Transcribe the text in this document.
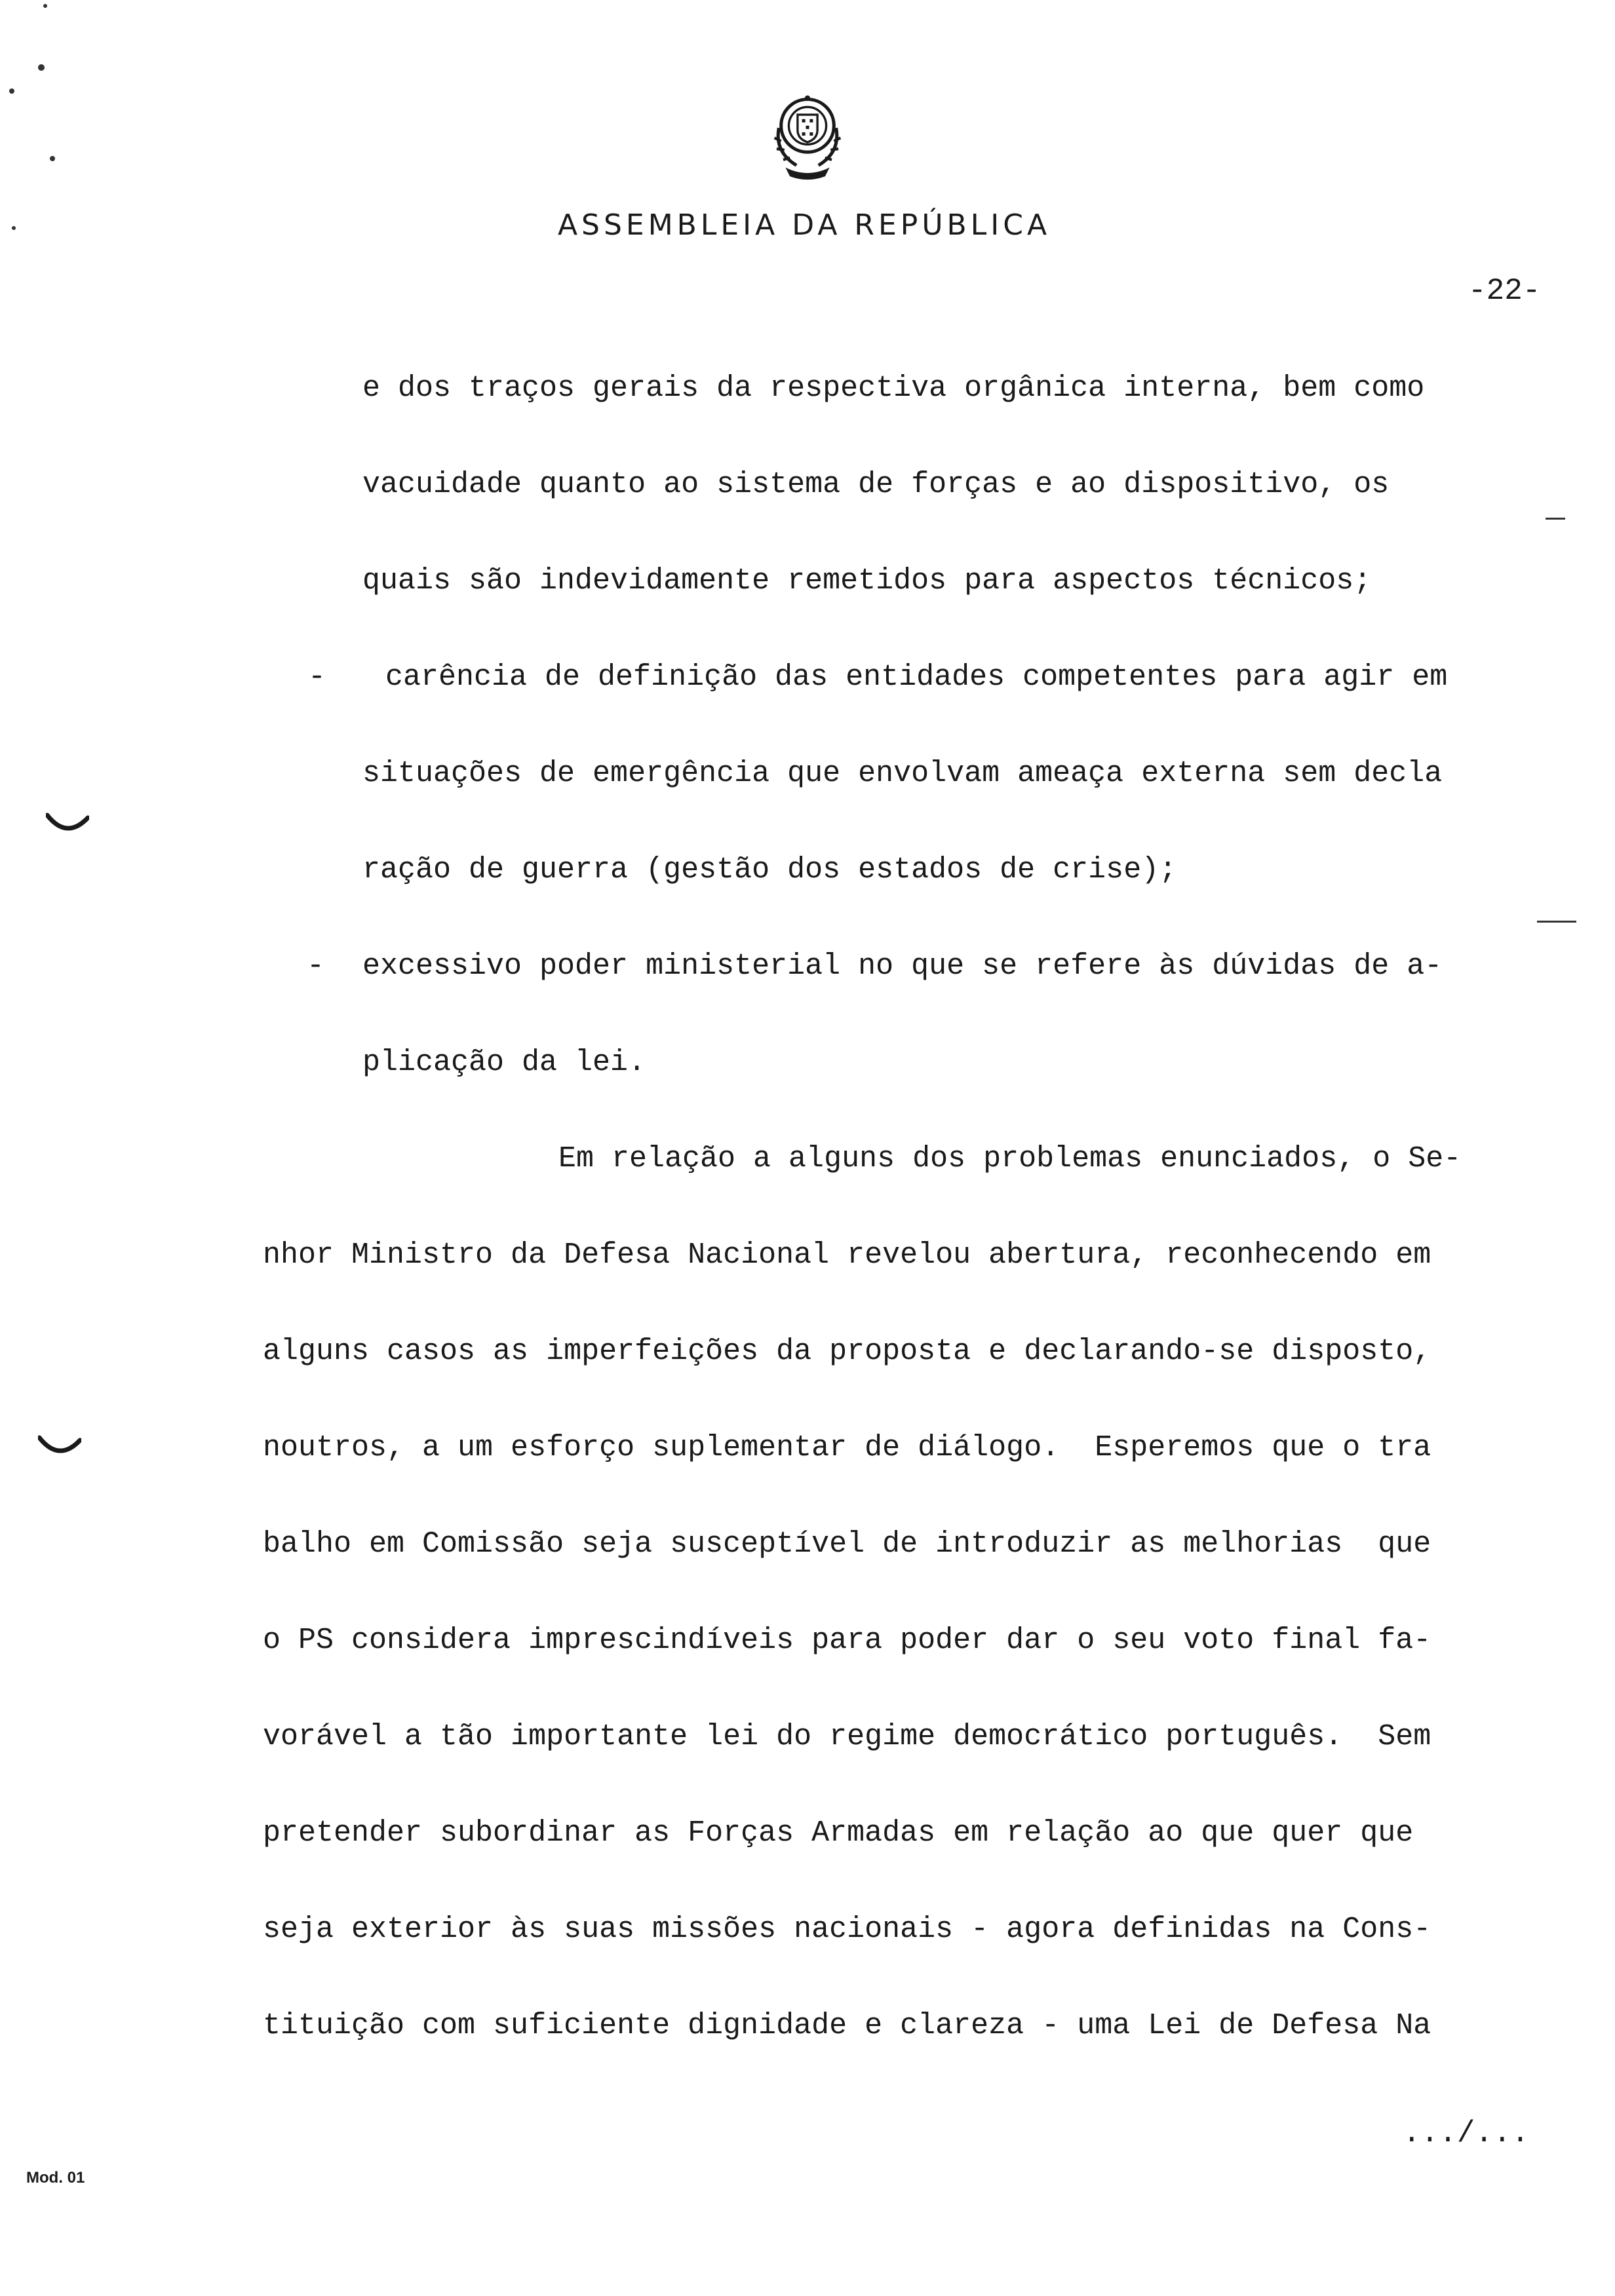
ASSEMBLEIA DA REPÚBLICA
-22-
e dos traços gerais da respectiva orgânica interna, bem como
vacuidade quanto ao sistema de forças e ao dispositivo, os
quais são indevidamente remetidos para aspectos técnicos;
- carência de definição das entidades competentes para agir em
situações de emergência que envolvam ameaça externa sem decla
ração de guerra (gestão dos estados de crise);
- excessivo poder ministerial no que se refere às dúvidas de a-
plicação da lei.
Em relação a alguns dos problemas enunciados, o Se-
nhor Ministro da Defesa Nacional revelou abertura, reconhecendo em
alguns casos as imperfeições da proposta e declarando-se disposto,
noutros, a um esforço suplementar de diálogo.  Esperemos que o tra
balho em Comissão seja susceptível de introduzir as melhorias  que
o PS considera imprescindíveis para poder dar o seu voto final fa-
vorável a tão importante lei do regime democrático português.  Sem
pretender subordinar as Forças Armadas em relação ao que quer que
seja exterior às suas missões nacionais - agora definidas na Cons-
tituição com suficiente dignidade e clareza - uma Lei de Defesa Na
.../...
Mod. 01
